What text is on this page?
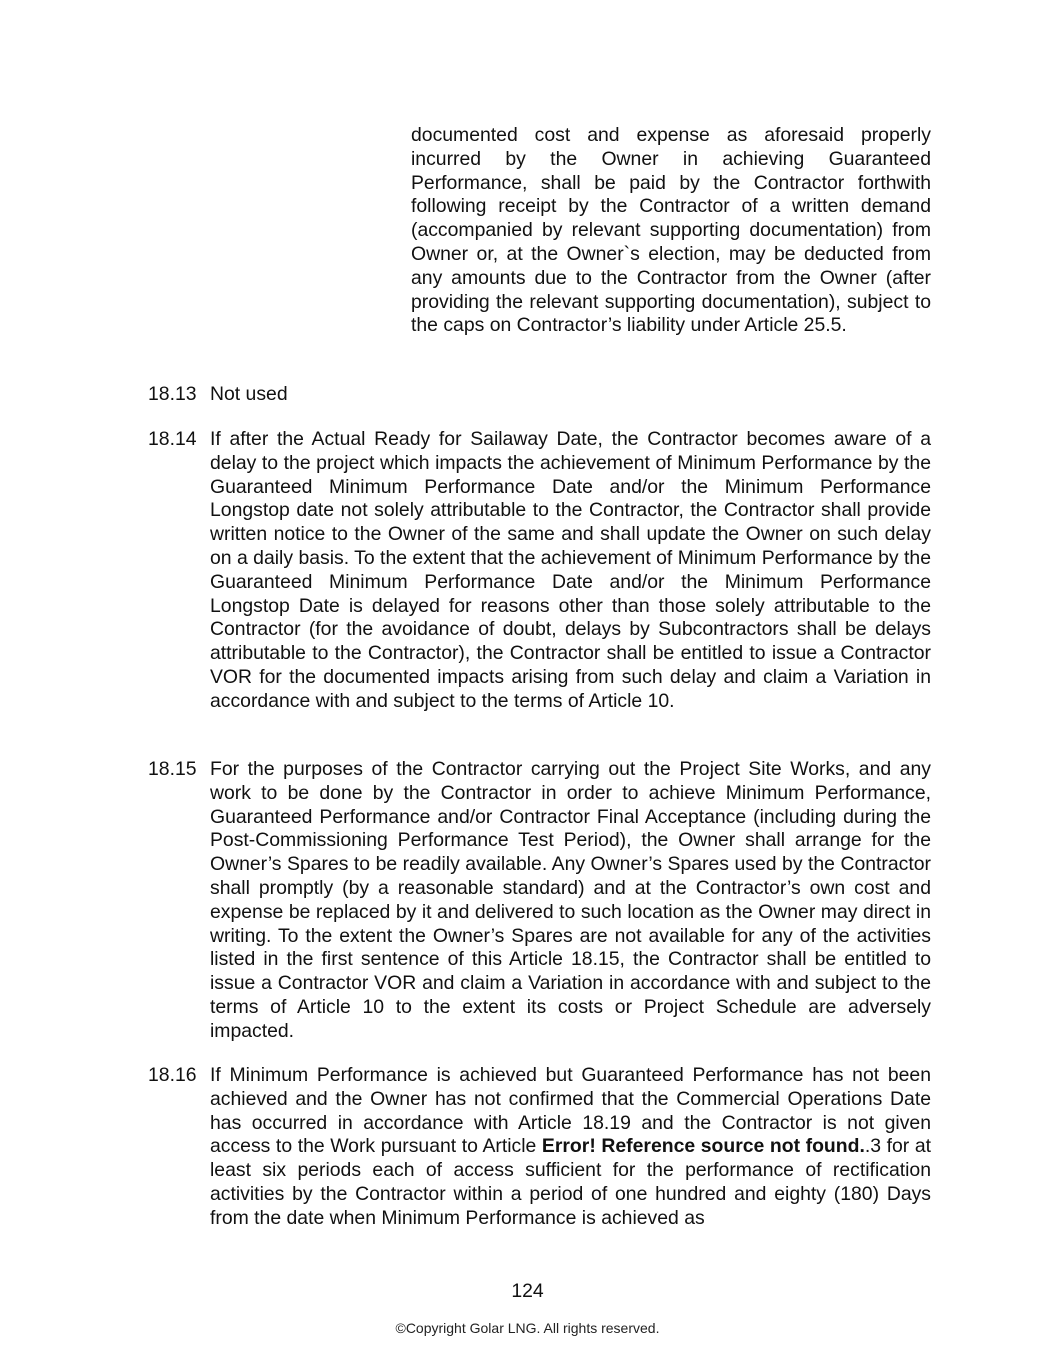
documented cost and expense as aforesaid properly incurred by the Owner in achieving Guaranteed Performance, shall be paid by the Contractor forthwith following receipt by the Contractor of a written demand (accompanied by relevant supporting documentation) from Owner or, at the Owner`s election, may be deducted from any amounts due to the Contractor from the Owner (after providing the relevant supporting documentation), subject to the caps on Contractor’s liability under Article 25.5.

18.13 Not used
18.14 If after the Actual Ready for Sailaway Date, the Contractor becomes aware of a delay to the project which impacts the achievement of Minimum Performance by the Guaranteed Minimum Performance Date and/or the Minimum Performance Longstop date not solely attributable to the Contractor, the Contractor shall provide written notice to the Owner of the same and shall update the Owner on such delay on a daily basis. To the extent that the achievement of Minimum Performance by the Guaranteed Minimum Performance Date and/or the Minimum Performance Longstop Date is delayed for reasons other than those solely attributable to the Contractor (for the avoidance of doubt, delays by Subcontractors shall be delays attributable to the Contractor), the Contractor shall be entitled to issue a Contractor VOR for the documented impacts arising from such delay and claim a Variation in accordance with and subject to the terms of Article 10.
18.15 For the purposes of the Contractor carrying out the Project Site Works, and any work to be done by the Contractor in order to achieve Minimum Performance, Guaranteed Performance and/or Contractor Final Acceptance (including during the Post-Commissioning Performance Test Period), the Owner shall arrange for the Owner’s Spares to be readily available. Any Owner’s Spares used by the Contractor shall promptly (by a reasonable standard) and at the Contractor’s own cost and expense be replaced by it and delivered to such location as the Owner may direct in writing. To the extent the Owner’s Spares are not available for any of the activities listed in the first sentence of this Article 18.15, the Contractor shall be entitled to issue a Contractor VOR and claim a Variation in accordance with and subject to the terms of Article 10 to the extent its costs or Project Schedule are adversely impacted.
18.16 If Minimum Performance is achieved but Guaranteed Performance has not been achieved and the Owner has not confirmed that the Commercial Operations Date has occurred in accordance with Article 18.19 and the Contractor is not given access to the Work pursuant to Article Error! Reference source not found..3 for at least six periods each of access sufficient for the performance of rectification activities by the Contractor within a period of one hundred and eighty (180) Days from the date when Minimum Performance is achieved as
124
©Copyright Golar LNG. All rights reserved.
